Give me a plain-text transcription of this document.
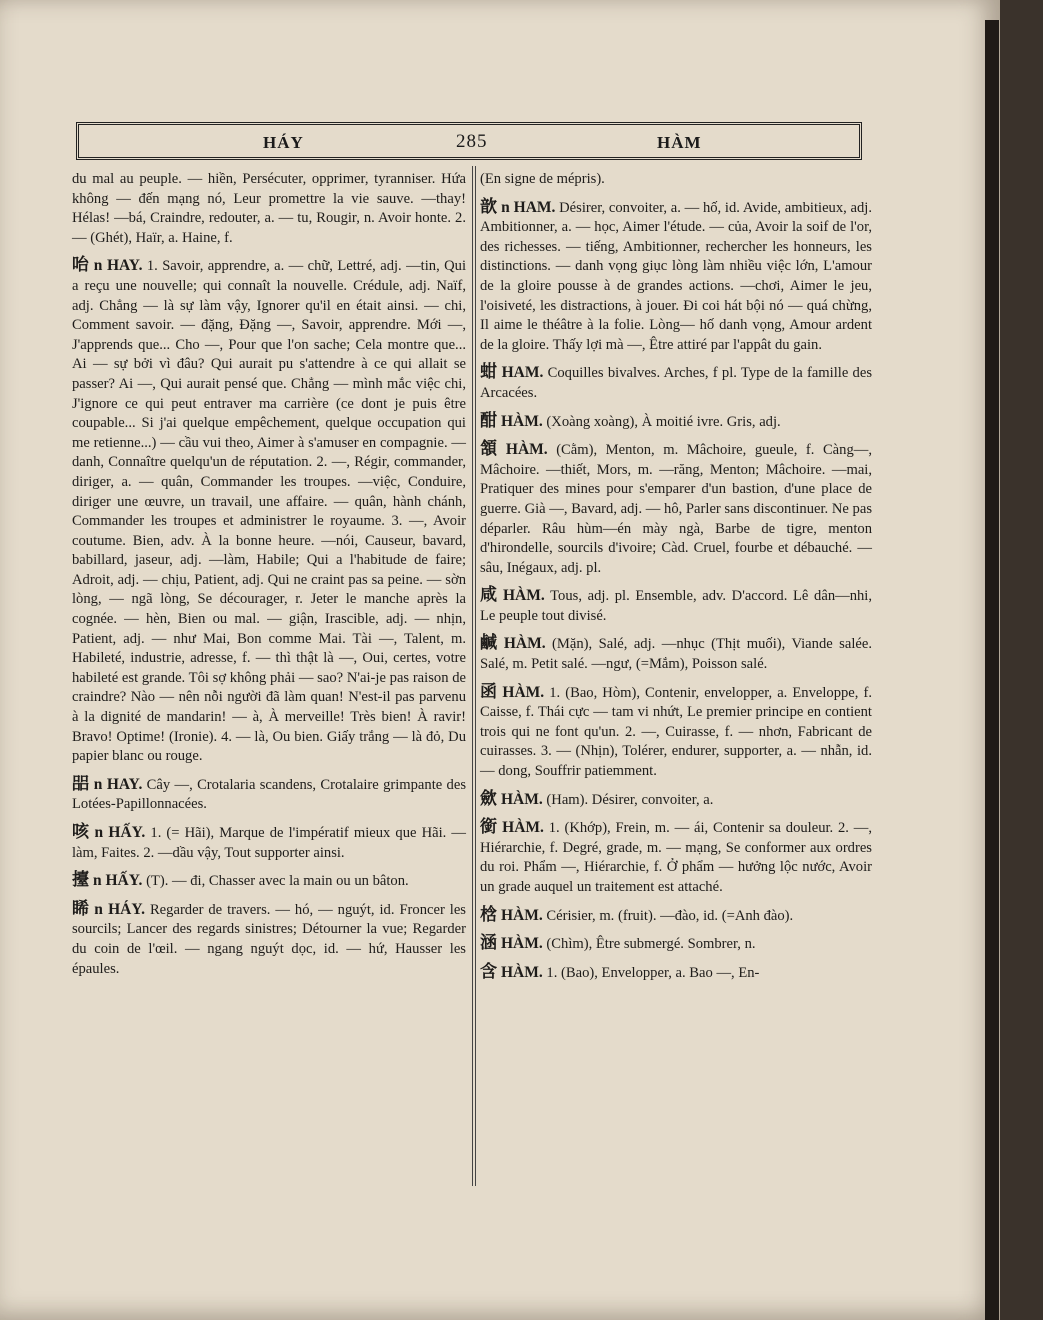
HÁY	285	HÀM

du mal au peuple. — hiền, Persécuter, opprimer, tyranniser. Hứa không — đến mạng nó, Leur promettre la vie sauve. —thay! Hélas! —bá, Craindre, redouter, a. — tu, Rougir, n. Avoir honte. 2. — (Ghét), Haïr, a. Haine, f.

咍 n HAY. 1. Savoir, apprendre, a. — chữ, Lettré, adj. —tin, Qui a reçu une nouvelle; qui connaît la nouvelle. Crédule, adj. Naïf, adj. Chẳng — là sự làm vậy, Ignorer qu'il en était ainsi. — chi, Comment savoir. — đặng, Đặng —, Savoir, apprendre. Mới —, J'apprends que... Cho —, Pour que l'on sache; Cela montre que... Ai — sự bởi vì đâu? Qui aurait pu s'attendre à ce qui allait se passer? Ai —, Qui aurait pensé que. Chẳng — mình mắc việc chi, J'ignore ce qui peut entraver ma carrière (ce dont je puis être coupable... Si j'ai quelque empêchement, quelque occupation qui me retienne...) — cầu vui theo, Aimer à s'amuser en compagnie. —danh, Connaître quelqu'un de réputation. 2. —, Régir, commander, diriger, a. — quân, Commander les troupes. —việc, Conduire, diriger une œuvre, un travail, une affaire. — quân, hành chánh, Commander les troupes et administrer le royaume. 3. —, Avoir coutume. Bien, adv. À la bonne heure. —nói, Causeur, bavard, babillard, jaseur, adj. —làm, Habile; Qui a l'habitude de faire; Adroit, adj. — chịu, Patient, adj. Qui ne craint pas sa peine. — sờn lòng, — ngã lòng, Se décourager, r. Jeter le manche après la cognée. — hèn, Bien ou mal. — giận, Irascible, adj. — nhịn, Patient, adj. — như Mai, Bon comme Mai. Tài —, Talent, m. Habileté, industrie, adresse, f. — thì thật là —, Oui, certes, votre habileté est grande. Tôi sợ không phải — sao? N'ai-je pas raison de craindre? Nào — nên nỗi người đã làm quan! N'est-il pas parvenu à la dignité de mandarin! — à, À merveille! Très bien! À ravir! Bravo! Optime! (Ironie). 4. — là, Ou bien. Giấy trắng — là đỏ, Du papier blanc ou rouge.

㗊 n HAY. Cây —, Crotalaria scandens, Crotalaire grimpante des Lotées-Papillonnacées.

咳 n HẤY. 1. (= Hãi), Marque de l'impératif mieux que Hãi. — làm, Faites. 2. —dầu vậy, Tout supporter ainsi.

擡 n HẤY. (T). — đi, Chasser avec la main ou un bâton.

睎 n HÁY. Regarder de travers. — hó, — nguýt, id. Froncer les sourcils; Lancer des regards sinistres; Détourner la vue; Regarder du coin de l'œil. — ngang nguýt dọc, id. — hứ, Hausser les épaules.

(En signe de mépris).

歆 n HAM. Désirer, convoiter, a. — hố, id. Avide, ambitieux, adj. Ambitionner, a. — học, Aimer l'étude. — của, Avoir la soif de l'or, des richesses. — tiếng, Ambitionner, rechercher les honneurs, les distinctions. — danh vọng giục lòng làm nhiều việc lớn, L'amour de la gloire pousse à de grandes actions. —chơi, Aimer le jeu, l'oisiveté, les distractions, à jouer. Đi coi hát bội nó — quá chừng, Il aime le théâtre à la folie. Lòng— hố danh vọng, Amour ardent de la gloire. Thấy lợi mà —, Être attiré par l'appât du gain.

蚶 HAM. Coquilles bivalves. Arches, f pl. Type de la famille des Arcacées.

酣 HÀM. (Xoàng xoàng), À moitié ivre. Gris, adj.

頷 HÀM. (Cằm), Menton, m. Mâchoire, gueule, f. Càng—, Mâchoire. —thiết, Mors, m. —răng, Menton; Mâchoire. —mai, Pratiquer des mines pour s'emparer d'un bastion, d'une place de guerre. Già —, Bavard, adj. — hô, Parler sans discontinuer. Ne pas déparler. Râu hùm—én mày ngà, Barbe de tigre, menton d'hirondelle, sourcils d'ivoire; Càd. Cruel, fourbe et débauché. —sâu, Inégaux, adj. pl.

咸 HÀM. Tous, adj. pl. Ensemble, adv. D'accord. Lê dân—nhi, Le peuple tout divisé.

鹹 HÀM. (Mặn), Salé, adj. —nhục (Thịt muối), Viande salée. Salé, m. Petit salé. —ngư, (=Mắm), Poisson salé.

函 HÀM. 1. (Bao, Hòm), Contenir, envelopper, a. Enveloppe, f. Caisse, f. Thái cực — tam vi nhứt, Le premier principe en contient trois qui ne font qu'un. 2. —, Cuirasse, f. — nhơn, Fabricant de cuirasses. 3. — (Nhịn), Tolérer, endurer, supporter, a. — nhẫn, id. — dong, Souffrir patiemment.

歛 HÀM. (Ham). Désirer, convoiter, a.

銜 HÀM. 1. (Khớp), Frein, m. — ái, Contenir sa douleur. 2. —, Hiérarchie, f. Degré, grade, m. — mạng, Se conformer aux ordres du roi. Phẩm —, Hiérarchie, f. Ở phẩm — hưởng lộc nước, Avoir un grade auquel un traitement est attaché.

梒 HÀM. Cérisier, m. (fruit). —đào, id. (=Anh đào).

涵 HÀM. (Chìm), Être submergé. Sombrer, n.

含 HÀM. 1. (Bao), Envelopper, a. Bao —, En-
